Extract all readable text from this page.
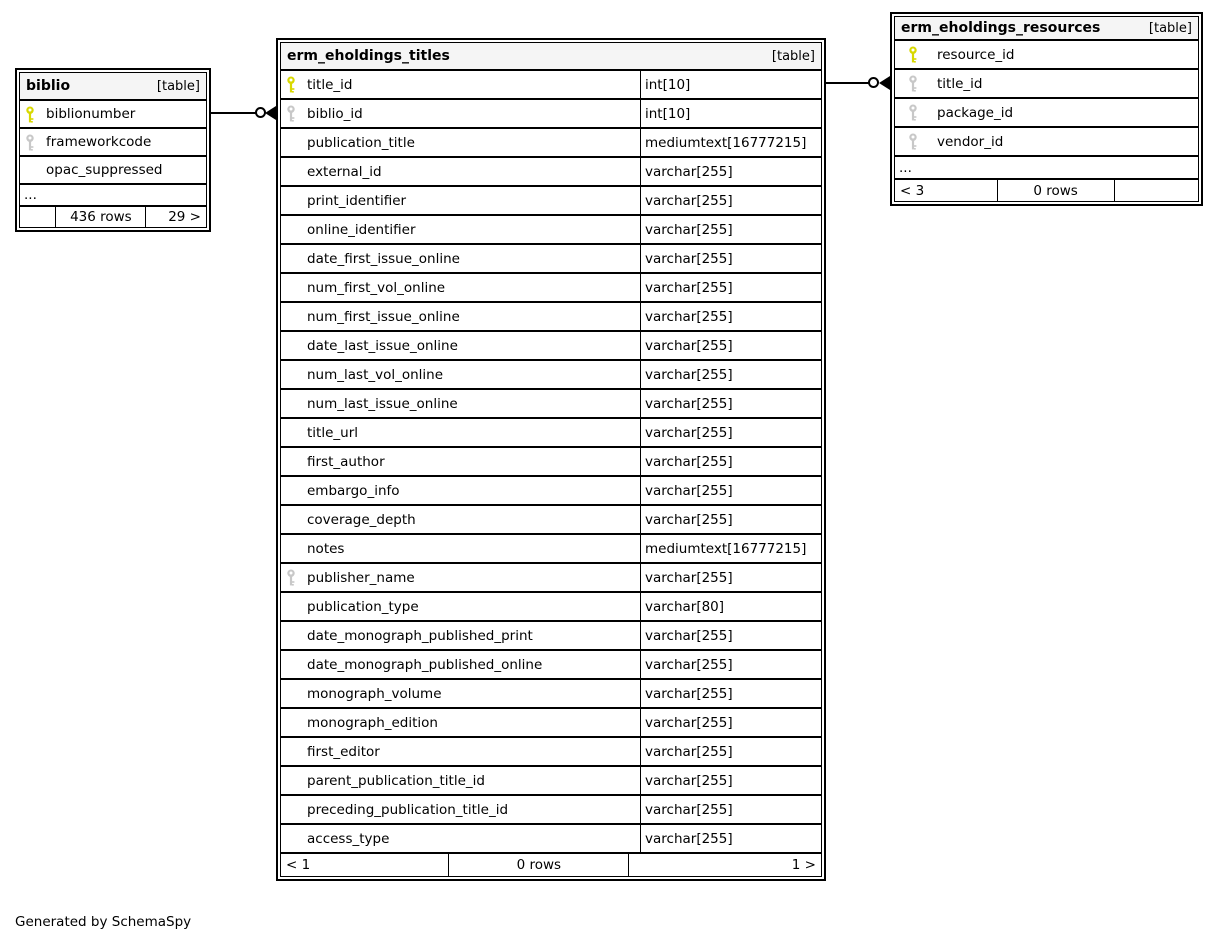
biblio	[table]
biblionumber
frameworkcode
opac_suppressed
...
436 rows	29 >
erm_eholdings_titles	[table]
title_id	int[10]
biblio_id	int[10]
publication_title	mediumtext[16777215]
external_id	varchar[255]
print_identifier	varchar[255]
online_identifier	varchar[255]
date_first_issue_online	varchar[255]
num_first_vol_online	varchar[255]
num_first_issue_online	varchar[255]
date_last_issue_online	varchar[255]
num_last_vol_online	varchar[255]
num_last_issue_online	varchar[255]
title_url	varchar[255]
first_author	varchar[255]
embargo_info	varchar[255]
coverage_depth	varchar[255]
notes	mediumtext[16777215]
publisher_name	varchar[255]
publication_type	varchar[80]
date_monograph_published_print	varchar[255]
date_monograph_published_online	varchar[255]
monograph_volume	varchar[255]
monograph_edition	varchar[255]
first_editor	varchar[255]
parent_publication_title_id	varchar[255]
preceding_publication_title_id	varchar[255]
access_type	varchar[255]
< 1	0 rows	1 >
erm_eholdings_resources	[table]
resource_id
title_id
package_id
vendor_id
...
< 3	0 rows
Generated by SchemaSpy
